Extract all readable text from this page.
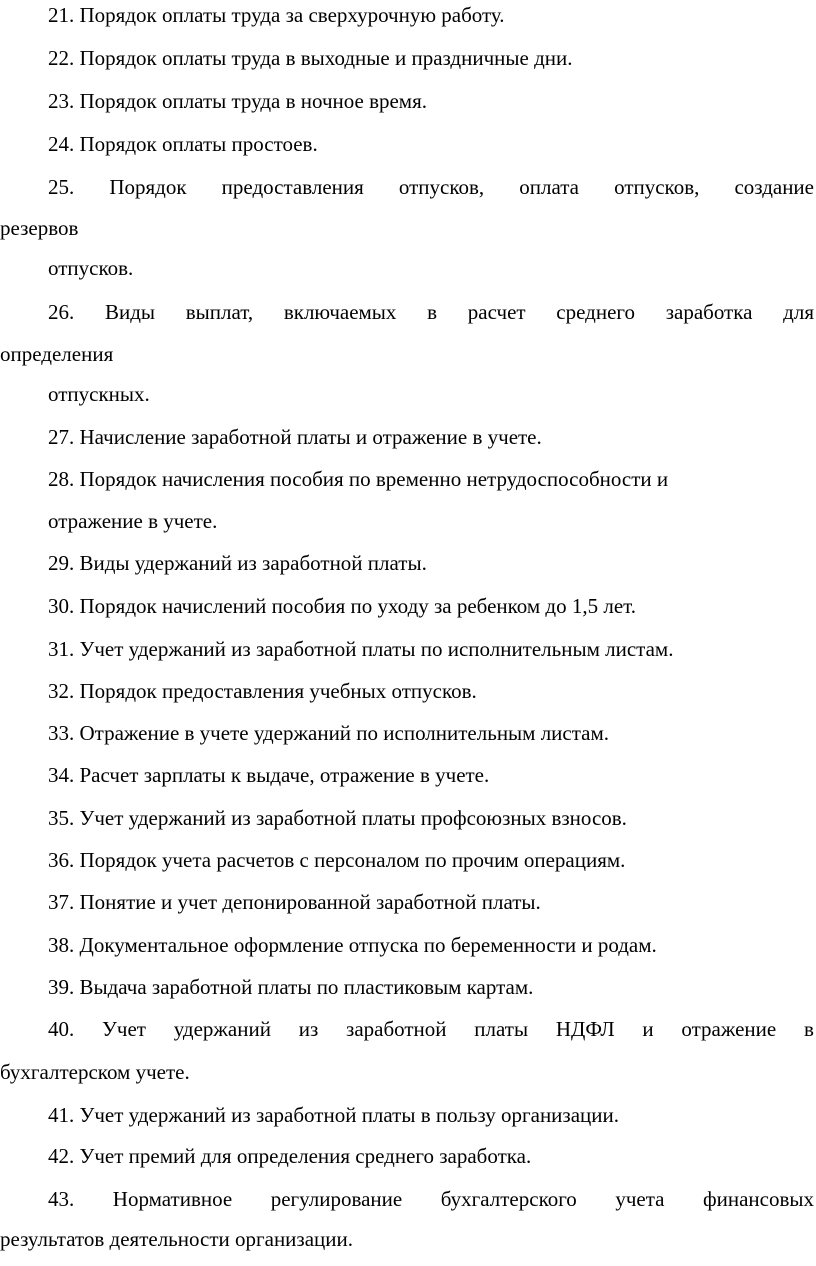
21. Порядок оплаты труда за сверхурочную работу.
22. Порядок оплаты труда в выходные и праздничные дни.
23. Порядок оплаты труда в ночное время.
24. Порядок оплаты простоев.
25. Порядок предоставления отпусков, оплата отпусков, создание
резервов
отпусков.
26. Виды выплат, включаемых в расчет среднего заработка для
определения
отпускных.
27. Начисление заработной платы и отражение в учете.
28. Порядок начисления пособия по временно нетрудоспособности и
отражение в учете.
29. Виды удержаний из заработной платы.
30. Порядок начислений пособия по уходу за ребенком до 1,5 лет.
31. Учет удержаний из заработной платы по исполнительным листам.
32. Порядок предоставления учебных отпусков.
33. Отражение в учете удержаний по исполнительным листам.
34. Расчет зарплаты к выдаче, отражение в учете.
35. Учет удержаний из заработной платы профсоюзных взносов.
36. Порядок учета расчетов с персоналом по прочим операциям.
37. Понятие и учет депонированной заработной платы.
38. Документальное оформление отпуска по беременности и родам.
39. Выдача заработной платы по пластиковым картам.
40. Учет удержаний из заработной платы НДФЛ и отражение в
бухгалтерском учете.
41. Учет удержаний из заработной платы в пользу организации.
42. Учет премий для определения среднего заработка.
43. Нормативное регулирование бухгалтерского учета финансовых
результатов деятельности организации.
